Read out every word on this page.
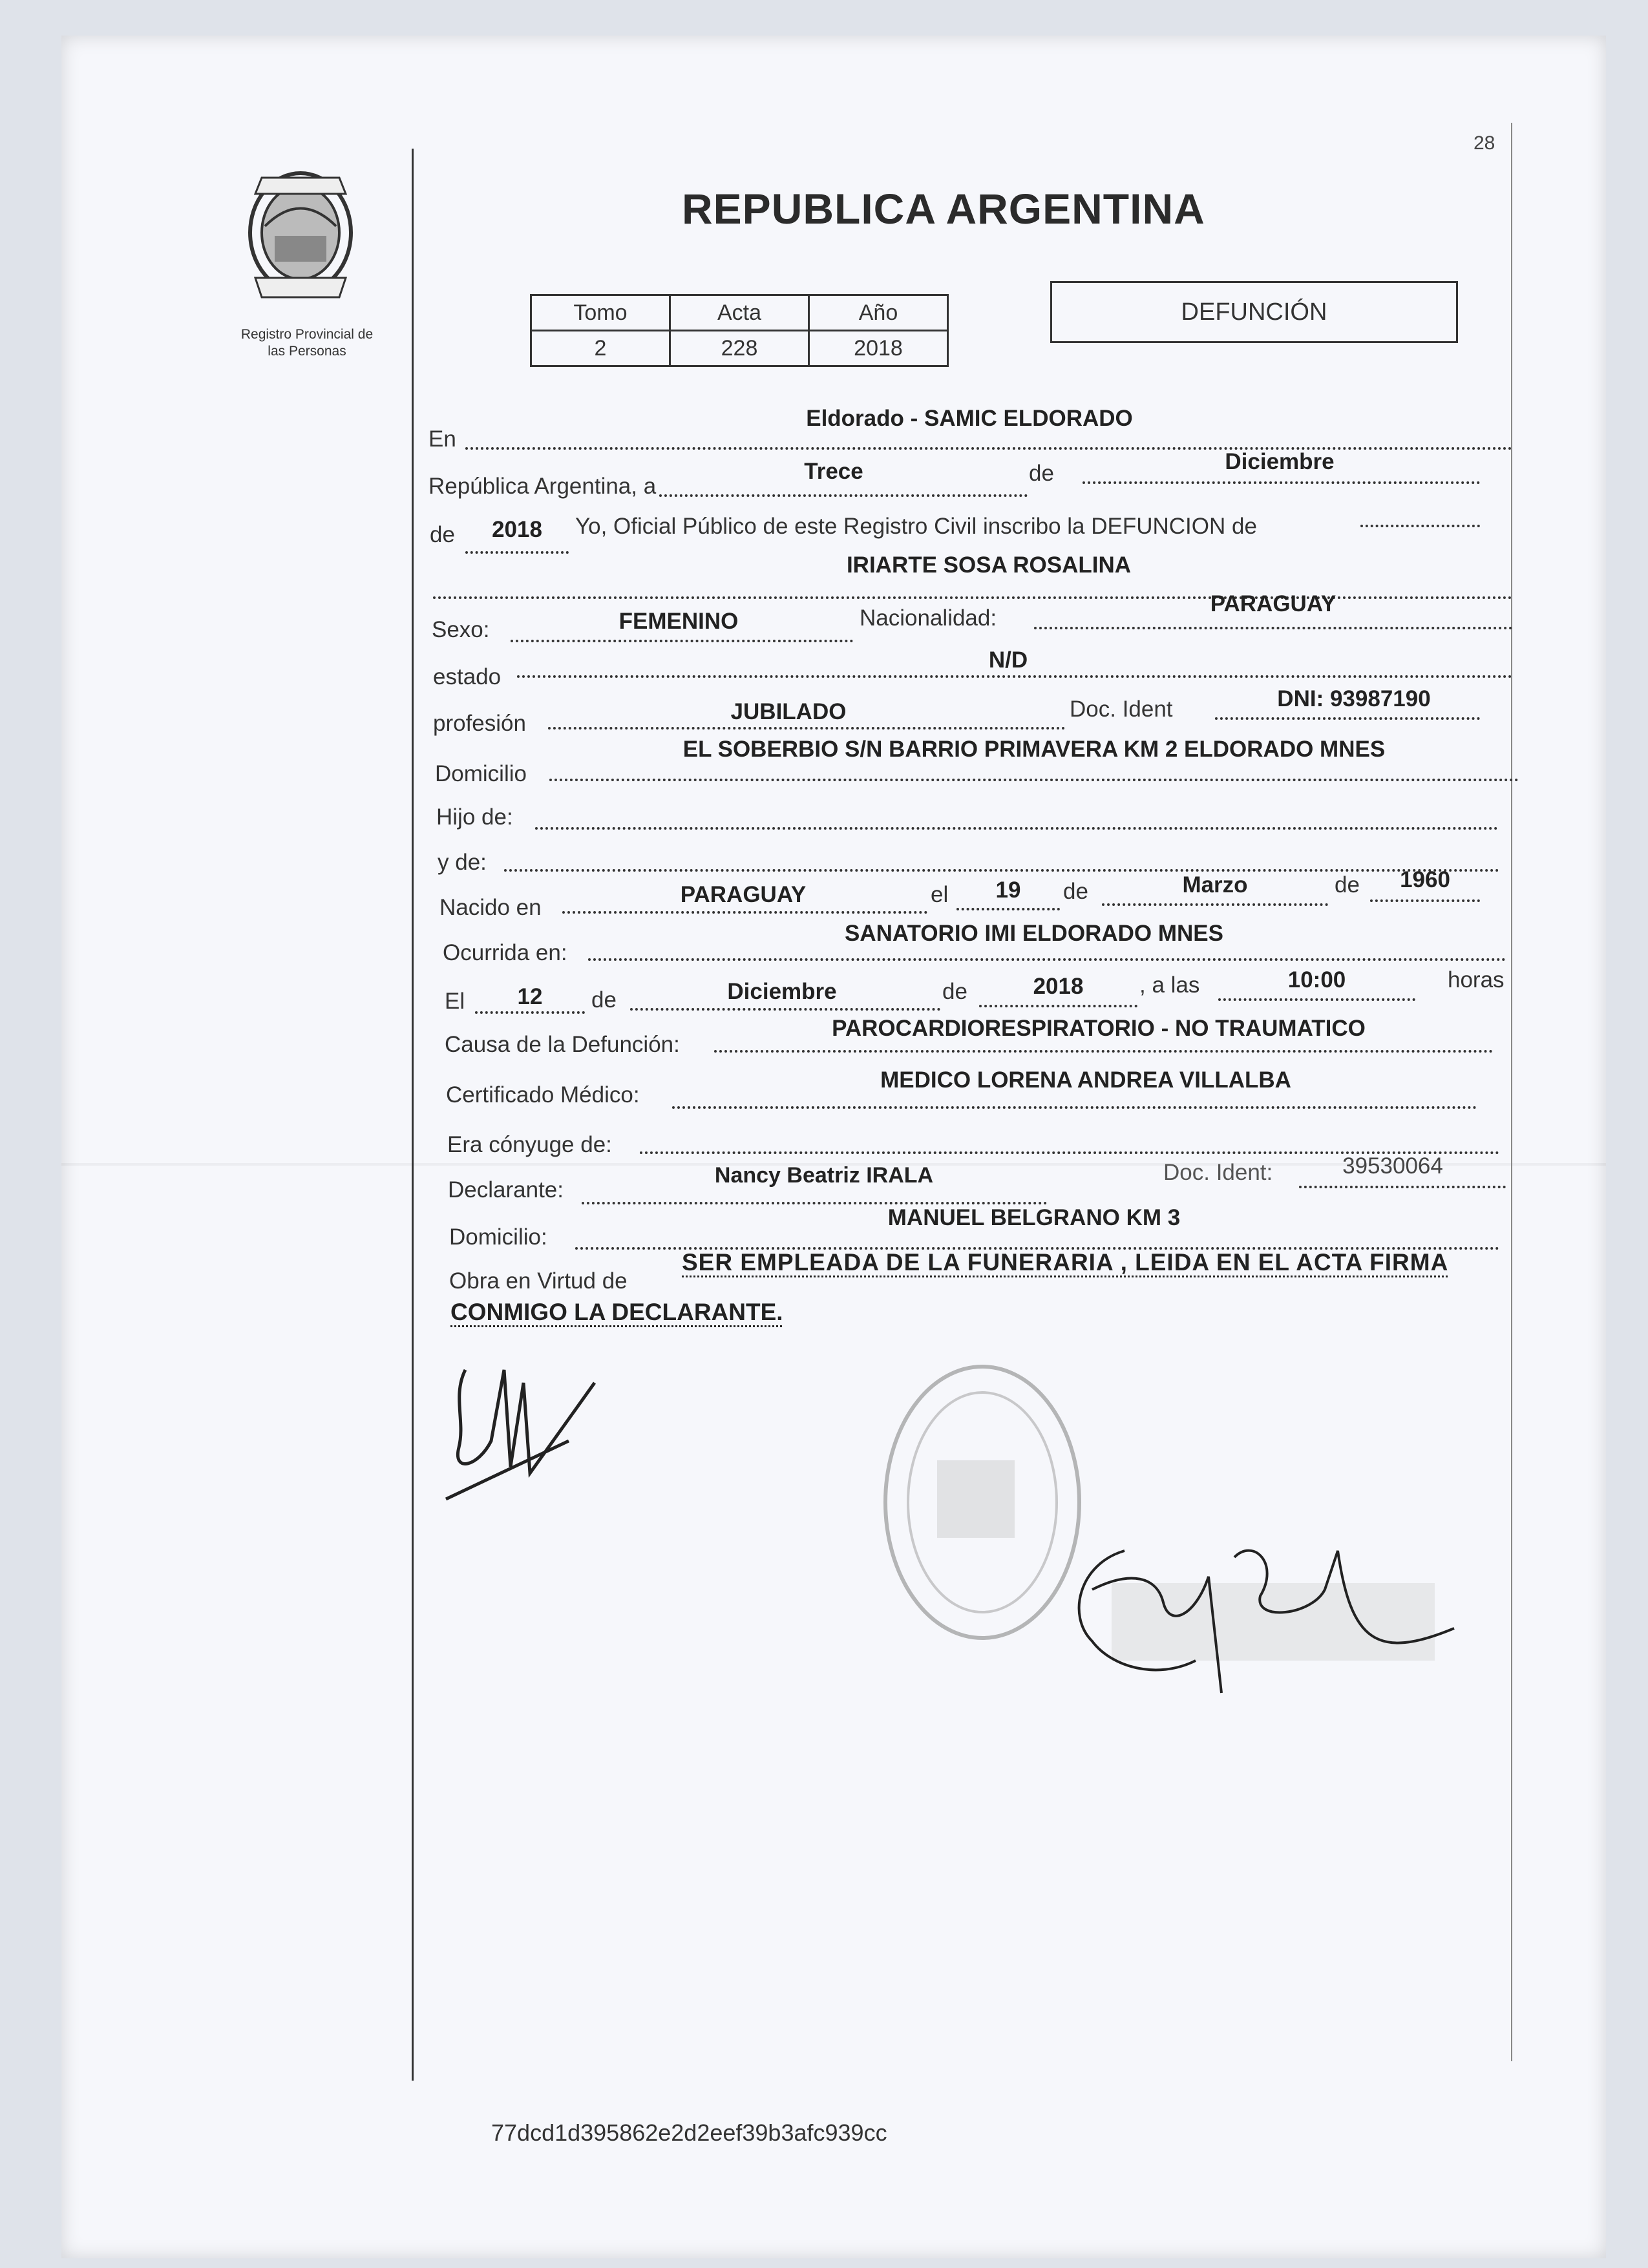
Registro Provincial de
las Personas
28
REPUBLICA ARGENTINA
Tomo	Acta	Año
2	228	2018
DEFUNCIÓN
En
Eldorado - SAMIC ELDORADO
República Argentina, a
Trece	de	Diciembre
de	2018	Yo, Oficial Público de este Registro Civil inscribo la DEFUNCION de
IRIARTE SOSA ROSALINA
Sexo:	FEMENINO	Nacionalidad:
PARAGUAY
estado
N/D
profesión	JUBILADO	Doc. Ident	DNI: 93987190
Domicilio
EL SOBERBIO S/N BARRIO PRIMAVERA KM 2 ELDORADO MNES
Hijo de:
y de:
Nacido en
PARAGUAY	el	19	de	Marzo	de	1960
Ocurrida en:
SANATORIO IMI ELDORADO MNES
El	12	de	Diciembre	de	2018	, a las	10:00	horas
Causa de la Defunción:
PAROCARDIORESPIRATORIO - NO TRAUMATICO
Certificado Médico:
MEDICO LORENA ANDREA VILLALBA
Era cónyuge de:
Declarante:
Nancy Beatriz IRALA	Doc. Ident:	39530064
Domicilio:
MANUEL BELGRANO KM 3
Obra en Virtud de
SER EMPLEADA DE LA FUNERARIA , LEIDA EN EL ACTA FIRMA
CONMIGO LA DECLARANTE.
77dcd1d395862e2d2eef39b3afc939cc
